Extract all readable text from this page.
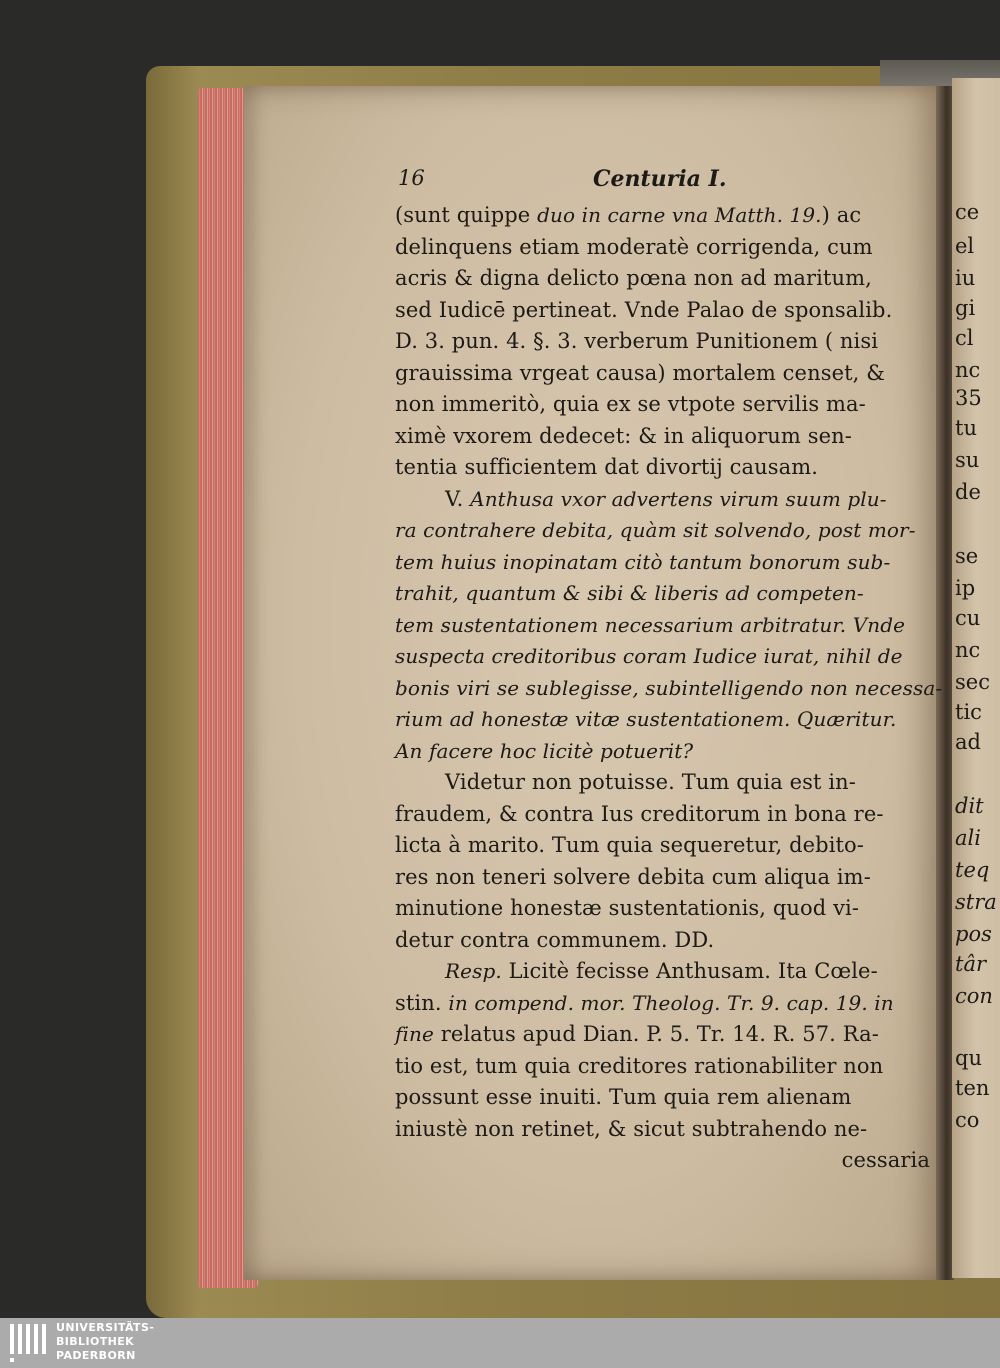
16	Centuria I.
(sunt quippe duo in carne vna Matth. 19.) ac
delinquens etiam moderatè corrigenda, cum
acris & digna delicto pœna non ad maritum,
sed Iudicē pertineat. Vnde Palao de sponsalib.
D. 3. pun. 4. §. 3. verberum Punitionem ( nisi
grauissima vrgeat causa) mortalem censet, &
non immeritò, quia ex se vtpote servilis ma-
ximè vxorem dedecet: & in aliquorum sen-
tentia sufficientem dat divortij causam.
V. Anthusa vxor advertens virum suum plu-
ra contrahere debita, quàm sit solvendo, post mor-
tem huius inopinatam citò tantum bonorum sub-
trahit, quantum & sibi & liberis ad competen-
tem sustentationem necessarium arbitratur. Vnde
suspecta creditoribus coram Iudice iurat, nihil de
bonis viri se sublegisse, subintelligendo non necessa-
rium ad honestæ vitæ sustentationem. Quæritur.
An facere hoc licitè potuerit?
Videtur non potuisse. Tum quia est in-
fraudem, & contra Ius creditorum in bona re-
licta à marito. Tum quia sequeretur, debito-
res non teneri solvere debita cum aliqua im-
minutione honestæ sustentationis, quod vi-
detur contra communem. DD.
Resp. Licitè fecisse Anthusam. Ita Cœle-
stin. in compend. mor. Theolog. Tr. 9. cap. 19. in
fine relatus apud Dian. P. 5. Tr. 14. R. 57. Ra-
tio est, tum quia creditores rationabiliter non
possunt esse inuiti. Tum quia rem alienam
iniustè non retinet, & sicut subtrahendo ne-
cessaria
ce
el
iu
gi
cl
nc
35
tu
su
de
se
ip
cu
nc
sec
tic
ad
dit
ali
teq
stra
pos
târ
con
qu
ten
co
UNIVERSITÄTS-
BIBLIOTHEK
PADERBORN
